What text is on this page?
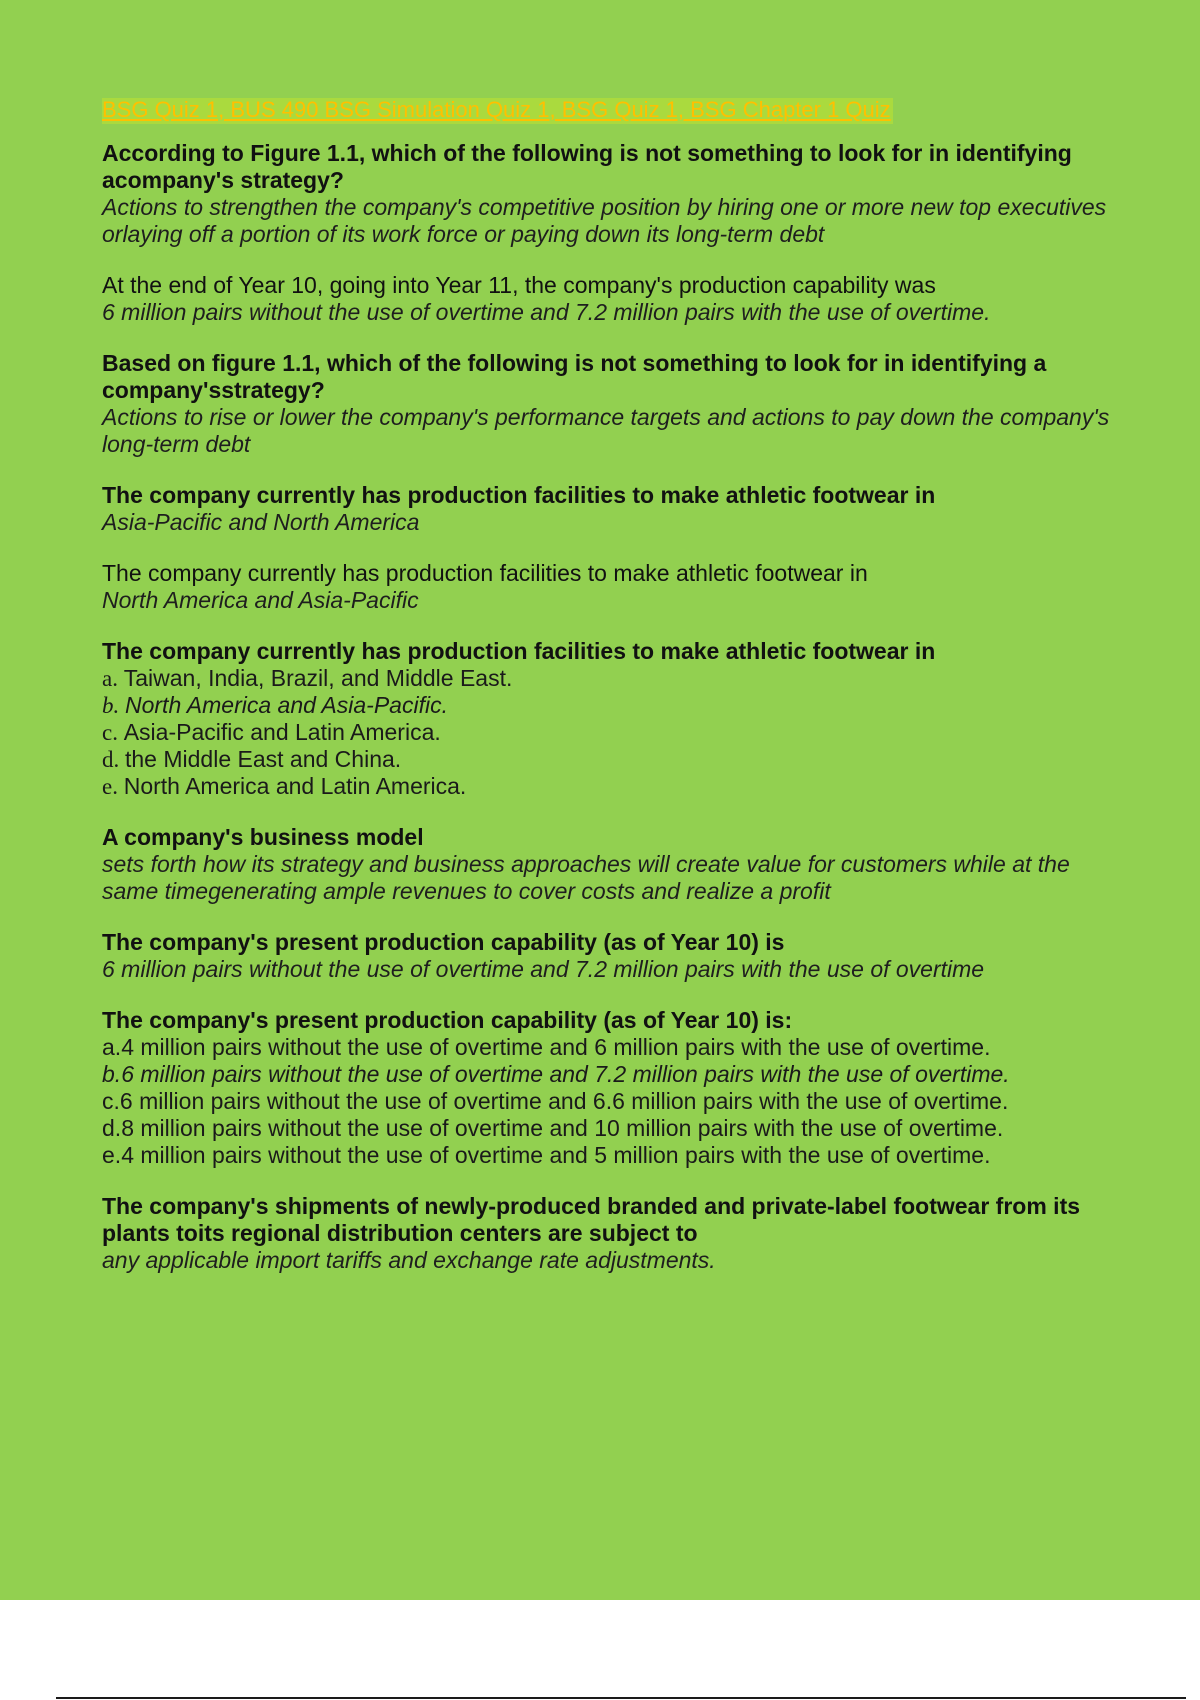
BSG Quiz 1, BUS 490 BSG Simulation Quiz 1, BSG Quiz 1, BSG Chapter 1 Quiz
According to Figure 1.1, which of the following is not something to look for in identifying acompany's strategy?
Actions to strengthen the company's competitive position by hiring one or more new top executives orlaying off a portion of its work force or paying down its long-term debt
At the end of Year 10, going into Year 11, the company's production capability was
6 million pairs without the use of overtime and 7.2 million pairs with the use of overtime.
Based on figure 1.1, which of the following is not something to look for in identifying a company'sstrategy?
Actions to rise or lower the company's performance targets and actions to pay down the company's long-term debt
The company currently has production facilities to make athletic footwear in
Asia-Pacific and North America
The company currently has production facilities to make athletic footwear in
North America and Asia-Pacific
The company currently has production facilities to make athletic footwear in
a. Taiwan, India, Brazil, and Middle East.
b. North America and Asia-Pacific.
c. Asia-Pacific and Latin America.
d. the Middle East and China.
e. North America and Latin America.
A company's business model
sets forth how its strategy and business approaches will create value for customers while at the same timegenerating ample revenues to cover costs and realize a profit
The company's present production capability (as of Year 10) is
6 million pairs without the use of overtime and 7.2 million pairs with the use of overtime
The company's present production capability (as of Year 10) is:
a.4 million pairs without the use of overtime and 6 million pairs with the use of overtime.
b.6 million pairs without the use of overtime and 7.2 million pairs with the use of overtime.
c.6 million pairs without the use of overtime and 6.6 million pairs with the use of overtime.
d.8 million pairs without the use of overtime and 10 million pairs with the use of overtime.
e.4 million pairs without the use of overtime and 5 million pairs with the use of overtime.
The company's shipments of newly-produced branded and private-label footwear from its plants toits regional distribution centers are subject to
any applicable import tariffs and exchange rate adjustments.
